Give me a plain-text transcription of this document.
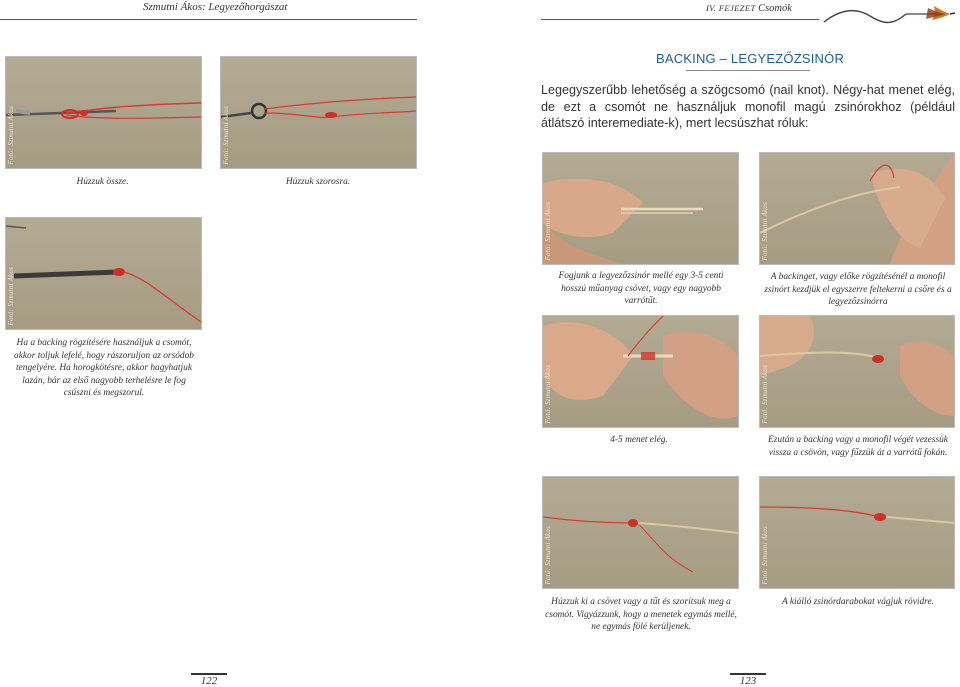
Szmutni Ákos: Legyezőhorgászat	IV. FEJEZET Csomók
BACKING – LEGYEZŐZSINÓR
Legegyszerűbb lehetőség a szögcsomó (nail knot). Négy-hat menet elég, de ezt a csomót ne használjuk monofil magú zsinórokhoz (például átlátszó interemediate-k), mert lecsúszhat róluk:
Fotó: Szmutni Ákos
Húzzuk össze.
Fotó: Szmutni Ákos
Húzzuk szorosra.
Fotó: Szmutni Ákos
Ha a backing rögzítésére használjuk a csomót, akkor toljuk lefelé, hogy rászoruljon az orsódob tengelyére. Ha horogkötésre, akkor hagyhatjuk lazán, bár az első nagyobb terhelésre le fog csúszni és megszorul.
Fotó: Szmutni Ákos
Fogjunk a legyezőzsinór mellé egy 3-5 centi hosszú műanyag csövet, vagy egy nagyobb varrótűt.
Fotó: Szmutni Ákos
A backinget, vagy előke rögzítésénél a monofil zsinórt kezdjük el egyszerre feltekerni a csőre és a legyezőzsinórra
Fotó: Szmutni Ákos
4-5 menet elég.
Fotó: Szmutni Ákos
Ezután a backing vagy a monofil végét vezessük vissza a csövön, vagy fűzzük át a varrótű fokán.
Fotó: Szmutni Ákos
Húzzuk ki a csövet vagy a tűt és szorítsuk meg a csomót. Vigyázzunk, hogy a menetek egymás mellé, ne egymás fölé kerüljenek.
Fotó: Szmutni Ákos
A kiálló zsinórdarabokat vágjuk rövidre.
122	123
